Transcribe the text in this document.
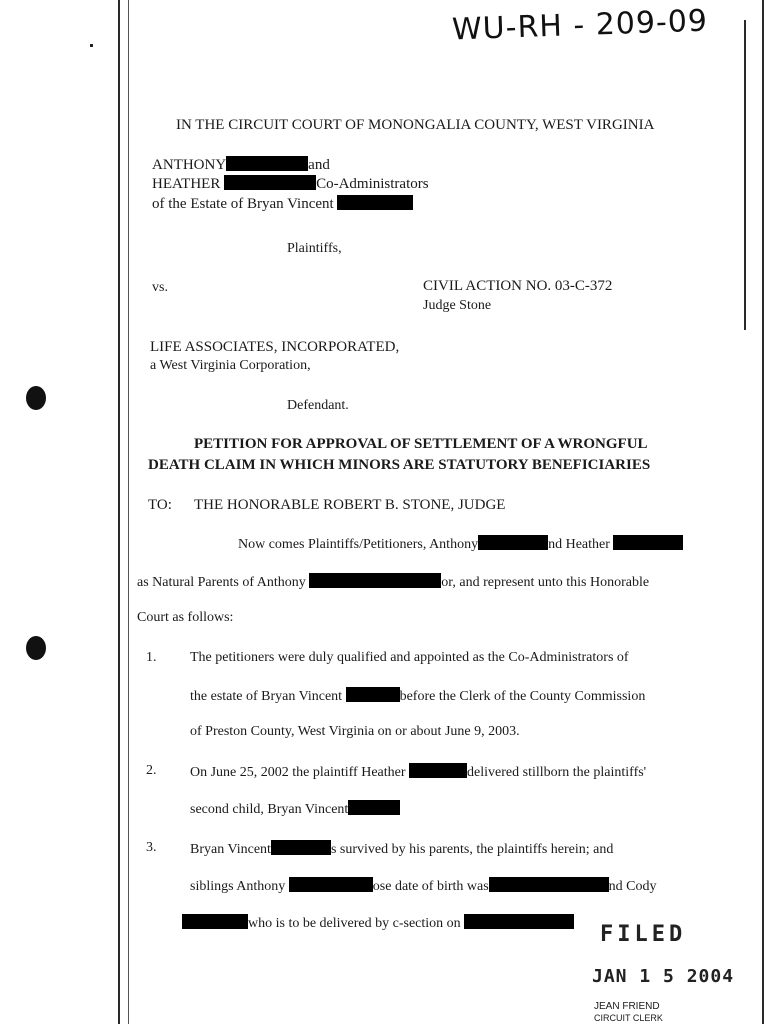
WU-RH - 209-09
IN THE CIRCUIT COURT OF MONONGALIA COUNTY, WEST VIRGINIA
ANTHONY	and
HEATHER	Co-Administrators
of the Estate of Bryan Vincent
Plaintiffs,
vs.	CIVIL ACTION NO. 03-C-372
Judge Stone
LIFE ASSOCIATES, INCORPORATED,
a West Virginia Corporation,
Defendant.
PETITION FOR APPROVAL OF SETTLEMENT OF A WRONGFUL
DEATH CLAIM IN WHICH MINORS ARE STATUTORY BENEFICIARIES
TO: THE HONORABLE ROBERT B. STONE, JUDGE
Now comes Plaintiffs/Petitioners, Anthony	nd Heather
as Natural Parents of Anthony	or, and represent unto this Honorable
Court as follows:
1. The petitioners were duly qualified and appointed as the Co-Administrators of
the estate of Bryan Vincent	before the Clerk of the County Commission
of Preston County, West Virginia on or about June 9, 2003.
2. On June 25, 2002 the plaintiff Heather	delivered stillborn the plaintiffs'
second child, Bryan Vincent
3. Bryan Vincent	s survived by his parents, the plaintiffs herein; and
siblings Anthony	ose date of birth was	nd Cody
who is to be delivered by c-section on	FILED
JAN 1 5 2004
JEAN FRIEND
CIRCUIT CLERK
